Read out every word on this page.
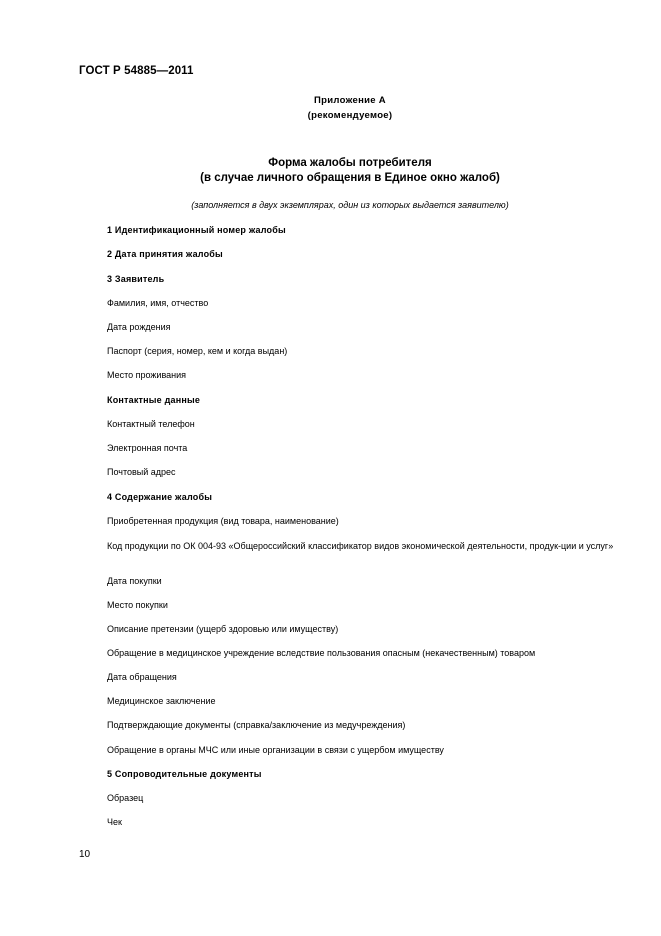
ГОСТ Р 54885—2011
Приложение А
(рекомендуемое)
Форма жалобы потребителя
(в случае личного обращения в Единое окно жалоб)
(заполняется в двух экземплярах, один из которых выдается заявителю)
1 Идентификационный номер жалобы
2 Дата принятия жалобы
3 Заявитель
Фамилия, имя, отчество
Дата рождения
Паспорт (серия, номер, кем и когда выдан)
Место проживания
Контактные данные
Контактный телефон
Электронная почта
Почтовый адрес
4 Содержание жалобы
Приобретенная продукция (вид товара, наименование)
Код продукции по ОК 004-93 «Общероссийский классификатор видов экономической деятельности, продук-ции и услуг»
Дата покупки
Место покупки
Описание претензии (ущерб здоровью или имуществу)
Обращение в медицинское учреждение вследствие пользования опасным (некачественным) товаром
Дата обращения
Медицинское заключение
Подтверждающие документы (справка/заключение из медучреждения)
Обращение в органы МЧС или иные организации в связи с ущербом имуществу
5 Сопроводительные документы
Образец
Чек
10
